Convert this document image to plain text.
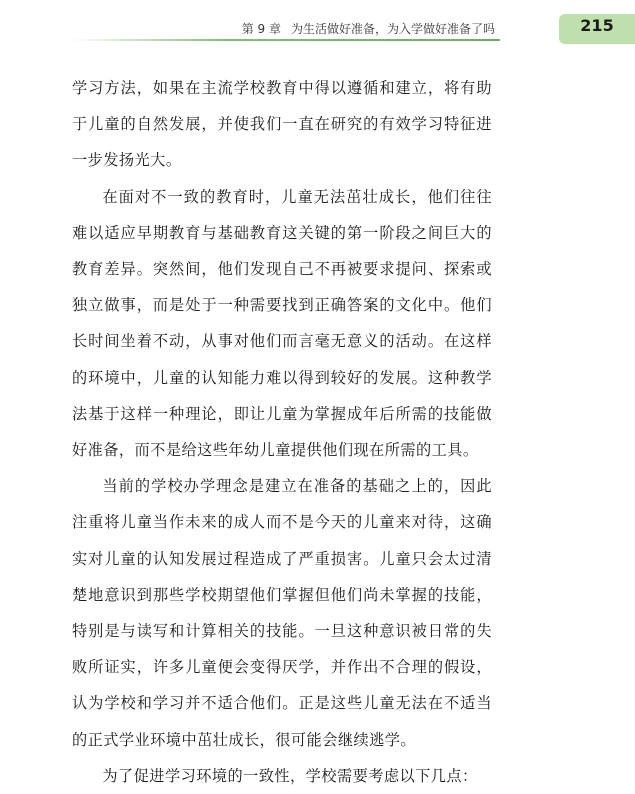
第 9 章 为生活做好准备，为入学做好准备了吗	215

学习方法，如果在主流学校教育中得以遵循和建立，将有助于儿童的自然发展，并使我们一直在研究的有效学习特征进一步发扬光大。

在面对不一致的教育时，儿童无法茁壮成长，他们往往难以适应早期教育与基础教育这关键的第一阶段之间巨大的教育差异。突然间，他们发现自己不再被要求提问、探索或独立做事，而是处于一种需要找到正确答案的文化中。他们长时间坐着不动，从事对他们而言毫无意义的活动。在这样的环境中，儿童的认知能力难以得到较好的发展。这种教学法基于这样一种理论，即让儿童为掌握成年后所需的技能做好准备，而不是给这些年幼儿童提供他们现在所需的工具。

当前的学校办学理念是建立在准备的基础之上的，因此注重将儿童当作未来的成人而不是今天的儿童来对待，这确实对儿童的认知发展过程造成了严重损害。儿童只会太过清楚地意识到那些学校期望他们掌握但他们尚未掌握的技能，特别是与读写和计算相关的技能。一旦这种意识被日常的失败所证实，许多儿童便会变得厌学，并作出不合理的假设，认为学校和学习并不适合他们。正是这些儿童无法在不适当的正式学业环境中茁壮成长，很可能会继续逃学。

为了促进学习环境的一致性，学校需要考虑以下几点：
